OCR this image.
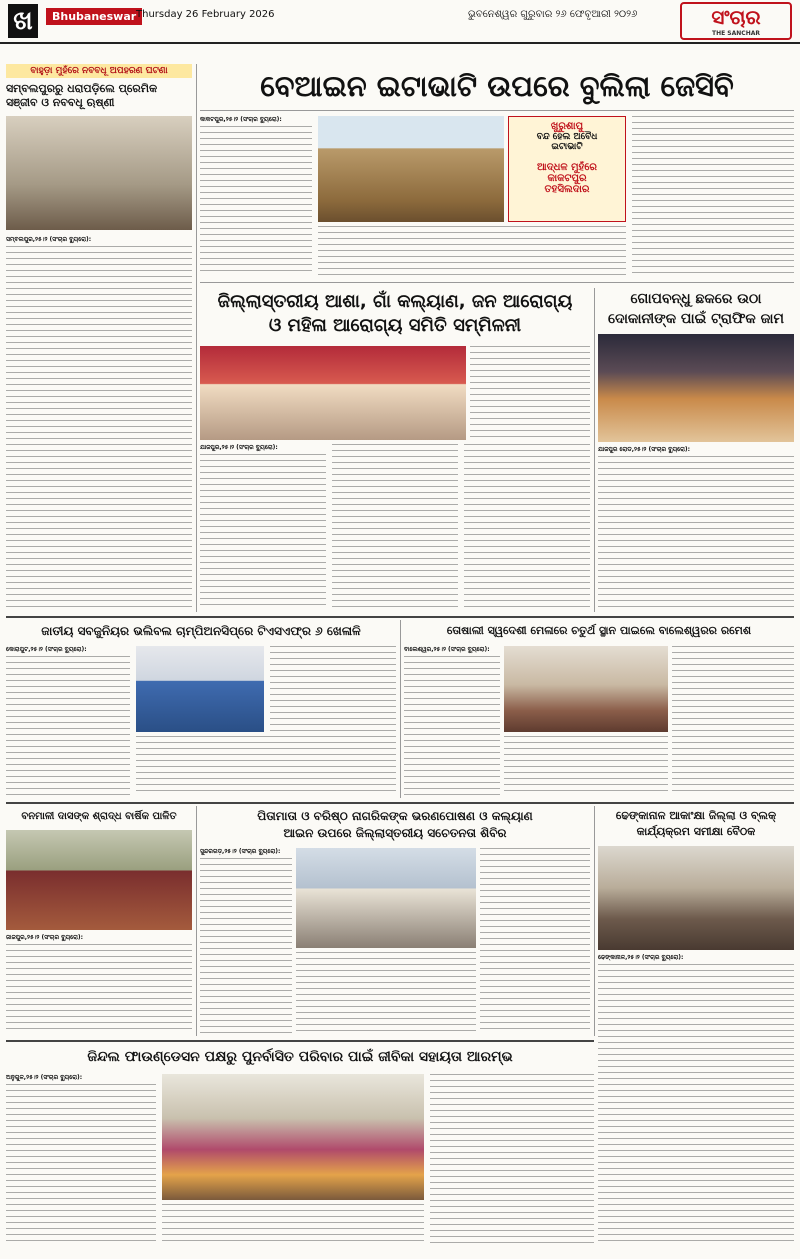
ଖ	Bhubaneswar Thursday 26 February 2026	ଭୁବନେଶ୍ୱର ଗୁରୁବାର ୨୬ ଫେବୃଆରୀ ୨୦୨୬	ସଂଚାର
THE SANCHAR
ବାହୁଡ଼ା ମୁହଁରେ ନବବଧୂ ଅପହରଣ ଘଟଣା
ସମ୍ବଲପୁରରୁ ଧରାପଡ଼ିଲେ ପ୍ରେମିକ ସଞ୍ଜୀବ ଓ ନବବଧୂ ଋଷ୍ଣୀ
ସମ୍ବଲପୁର,୨୫।୨ (ସଂଚାର ବ୍ୟୁରୋ):
ବେଆଇନ ଇଟାଭାଟି ଉପରେ ବୁଲିଲା ଜେସିବି
କାକଟପୁର,୨୫।୨ (ସଂଚାର ବ୍ୟୁରୋ):
ଖୁରୁଶାପୁ
ବନ୍ଦ ହେଲ ଅବୈଧ
ଇଟାଭାଟି
ଆଦ୍ଧଳ ମୁହଁରେ
କାକଟପୁର
ତହସିଲଦାର
ଜିଲ୍ଲାସ୍ତରୀୟ ଆଶା, ଗାଁ କଲ୍ୟାଣ, ଜନ ଆରୋଗ୍ୟ
ଓ ମହିଳା ଆରୋଗ୍ୟ ସମିତି ସମ୍ମିଳନୀ
ଯାଜପୁର,୨୫।୨ (ସଂଚାର ବ୍ୟୁରୋ):
ଗୋପବନ୍ଧୁ ଛକରେ ଉଠା
ଦୋକାନୀଙ୍କ ପାଇଁ ଟ୍ରାଫିକ ଜାମ
ଯାଜପୁର ରୋଡ,୨୫।୨ (ସଂଚାର ବ୍ୟୁରୋ):
ଜାତୀୟ ସବଜୁନିୟର ଭଲିବଲ ଚାମ୍ପିଅନସିପ୍‌ରେ ଟିଏସଏଫ୍‌ର ୬ ଖେଳାଳି
କୋରାପୁଟ,୨୫।୨ (ସଂଚାର ବ୍ୟୁରୋ):
ତୋଷାଲୀ ସ୍ୱଦେଶୀ ମେଳାରେ ଚତୁର୍ଥ ସ୍ଥାନ ପାଇଲେ ବାଲେଶ୍ୱରର ରମେଶ
ବାଲେଶ୍ୱର,୨୫।୨ (ସଂଚାର ବ୍ୟୁରୋ):
ବନମାଳୀ ଦାସଙ୍କ ଶ୍ରାଦ୍ଧ ବାର୍ଷିକ ପାଳିତ
ଜାଜପୁର,୨୫।୨ (ସଂଚାର ବ୍ୟୁରୋ):
ପିତାମାତା ଓ ବରିଷ୍ଠ ନାଗରିକଙ୍କ ଭରଣପୋଷଣ ଓ କଲ୍ୟାଣ
ଆଇନ ଉପରେ ଜିଲ୍ଲାସ୍ତରୀୟ ସଚେତନତା ଶିବିର
ସୁନ୍ଦରଗଡ଼,୨୫।୨ (ସଂଚାର ବ୍ୟୁରୋ):
ଢେଙ୍କାନାଳ ଆକାଂକ୍ଷା ଜିଲ୍ଲା ଓ ବ୍ଲକ୍
କାର୍ଯ୍ୟକ୍ରମ ସମୀକ୍ଷା ବୈଠକ
ଢେଙ୍କାନାଳ,୨୫।୨ (ସଂଚାର ବ୍ୟୁରୋ):
ଜିନ୍ଦଲ ଫାଉଣ୍ଡେସନ ପକ୍ଷରୁ ପୁନର୍ବାସିତ ପରିବାର ପାଇଁ ଜୀବିକା ସହାୟତା ଆରମ୍ଭ
ଅନୁଗୁଳ,୨୫।୨ (ସଂଚାର ବ୍ୟୁରୋ):
